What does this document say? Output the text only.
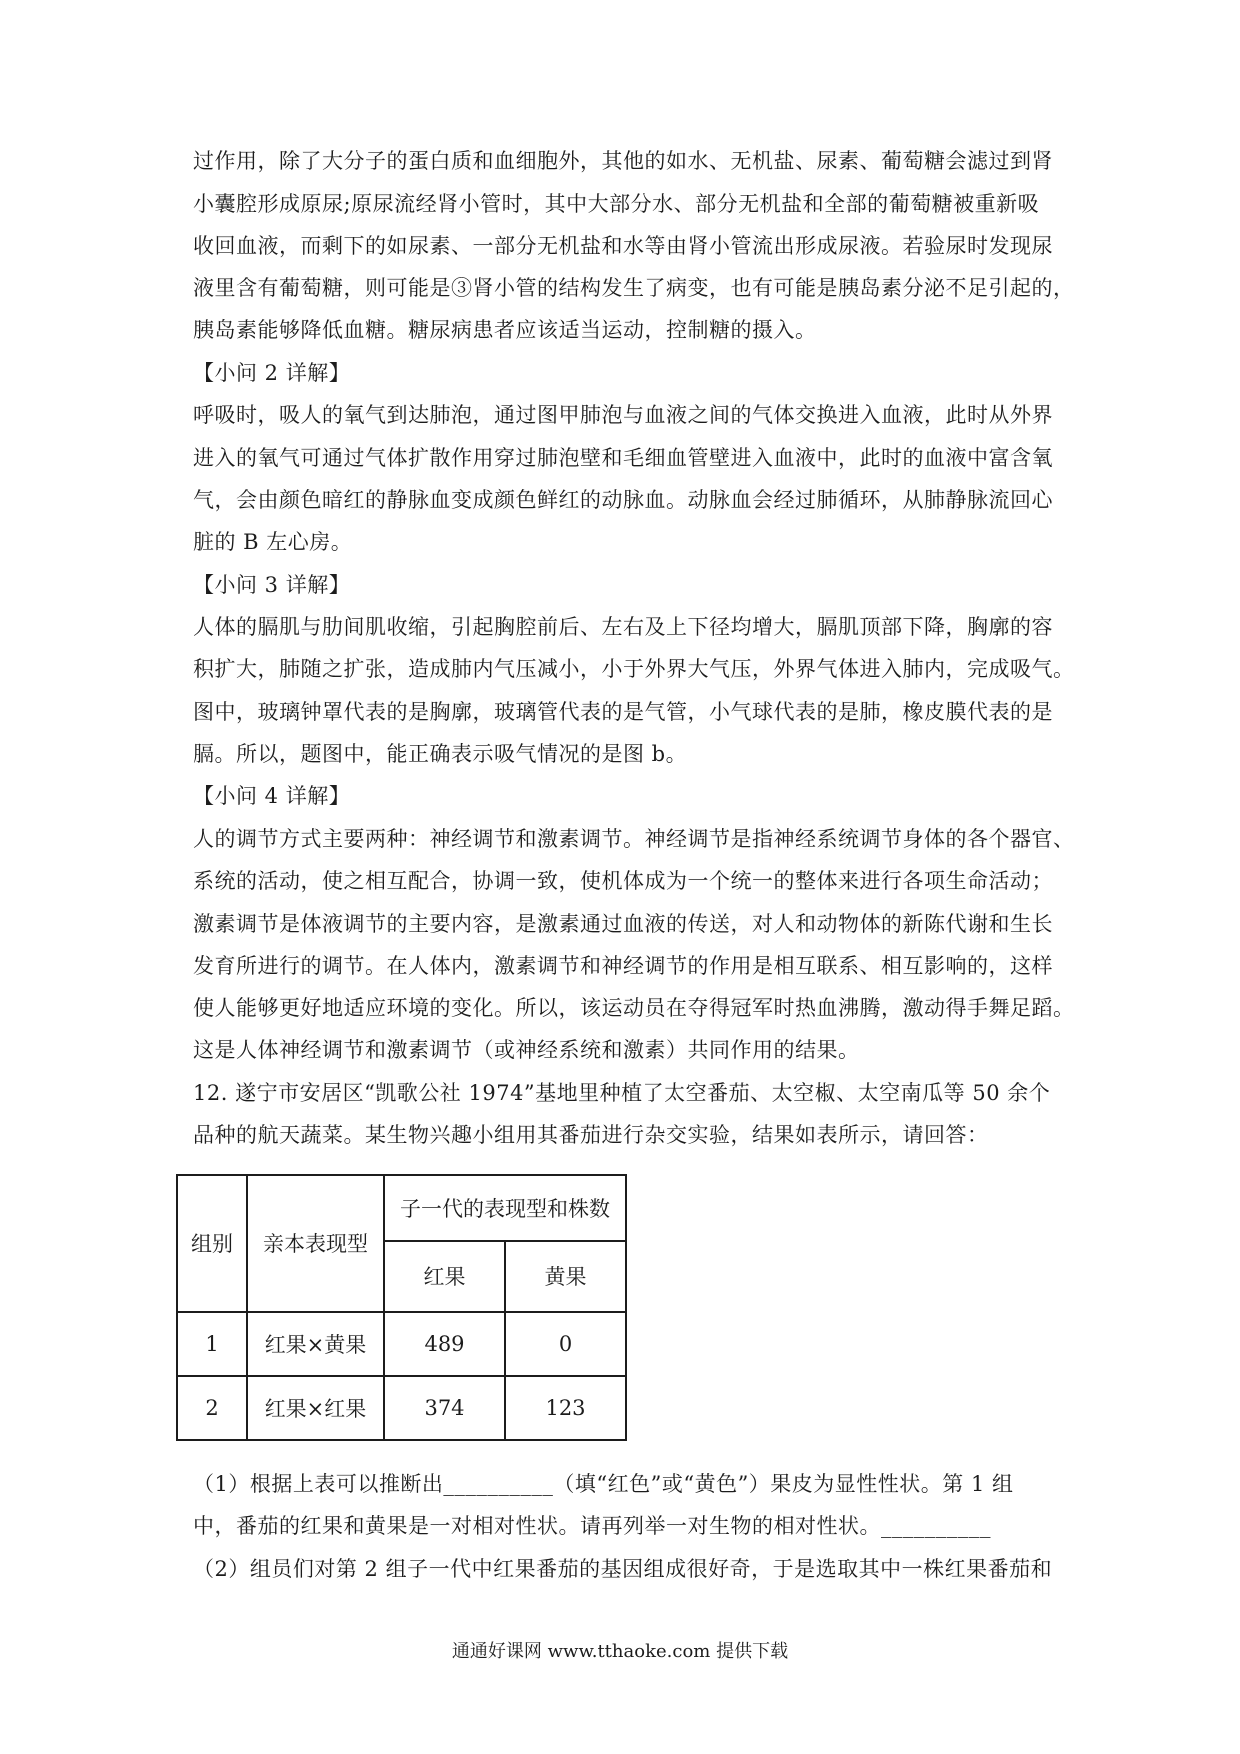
过作用，除了大分子的蛋白质和血细胞外，其他的如水、无机盐、尿素、葡萄糖会滤过到肾
小囊腔形成原尿;原尿流经肾小管时，其中大部分水、部分无机盐和全部的葡萄糖被重新吸
收回血液，而剩下的如尿素、一部分无机盐和水等由肾小管流出形成尿液。若验尿时发现尿
液里含有葡萄糖，则可能是③肾小管的结构发生了病变，也有可能是胰岛素分泌不足引起的，
胰岛素能够降低血糖。糖尿病患者应该适当运动，控制糖的摄入。
【小问 2 详解】
呼吸时，吸人的氧气到达肺泡，通过图甲肺泡与血液之间的气体交换进入血液，此时从外界
进入的氧气可通过气体扩散作用穿过肺泡壁和毛细血管壁进入血液中，此时的血液中富含氧
气，会由颜色暗红的静脉血变成颜色鲜红的动脉血。动脉血会经过肺循环，从肺静脉流回心
脏的 B 左心房。
【小问 3 详解】
人体的膈肌与肋间肌收缩，引起胸腔前后、左右及上下径均增大，膈肌顶部下降，胸廓的容
积扩大，肺随之扩张，造成肺内气压减小，小于外界大气压，外界气体进入肺内，完成吸气。
图中，玻璃钟罩代表的是胸廓，玻璃管代表的是气管，小气球代表的是肺，橡皮膜代表的是
膈。所以，题图中，能正确表示吸气情况的是图 b。
【小问 4 详解】
人的调节方式主要两种：神经调节和激素调节。神经调节是指神经系统调节身体的各个器官、
系统的活动，使之相互配合，协调一致，使机体成为一个统一的整体来进行各项生命活动；
激素调节是体液调节的主要内容，是激素通过血液的传送，对人和动物体的新陈代谢和生长
发育所进行的调节。在人体内，激素调节和神经调节的作用是相互联系、相互影响的，这样
使人能够更好地适应环境的变化。所以，该运动员在夺得冠军时热血沸腾，激动得手舞足蹈。
这是人体神经调节和激素调节（或神经系统和激素）共同作用的结果。
12. 遂宁市安居区“凯歌公社 1974”基地里种植了太空番茄、太空椒、太空南瓜等 50 余个
品种的航天蔬菜。某生物兴趣小组用其番茄进行杂交实验，结果如表所示，请回答：
组别	亲本表现型	子一代的表现型和株数	
		红果	黄果
1	红果×黄果	489	0
2	红果×红果	374	123
（1）根据上表可以推断出__________（填“红色”或“黄色”）果皮为显性性状。第 1 组
中，番茄的红果和黄果是一对相对性状。请再列举一对生物的相对性状。__________
（2）组员们对第 2 组子一代中红果番茄的基因组成很好奇，于是选取其中一株红果番茄和
通通好课网 www.tthaoke.com 提供下载
